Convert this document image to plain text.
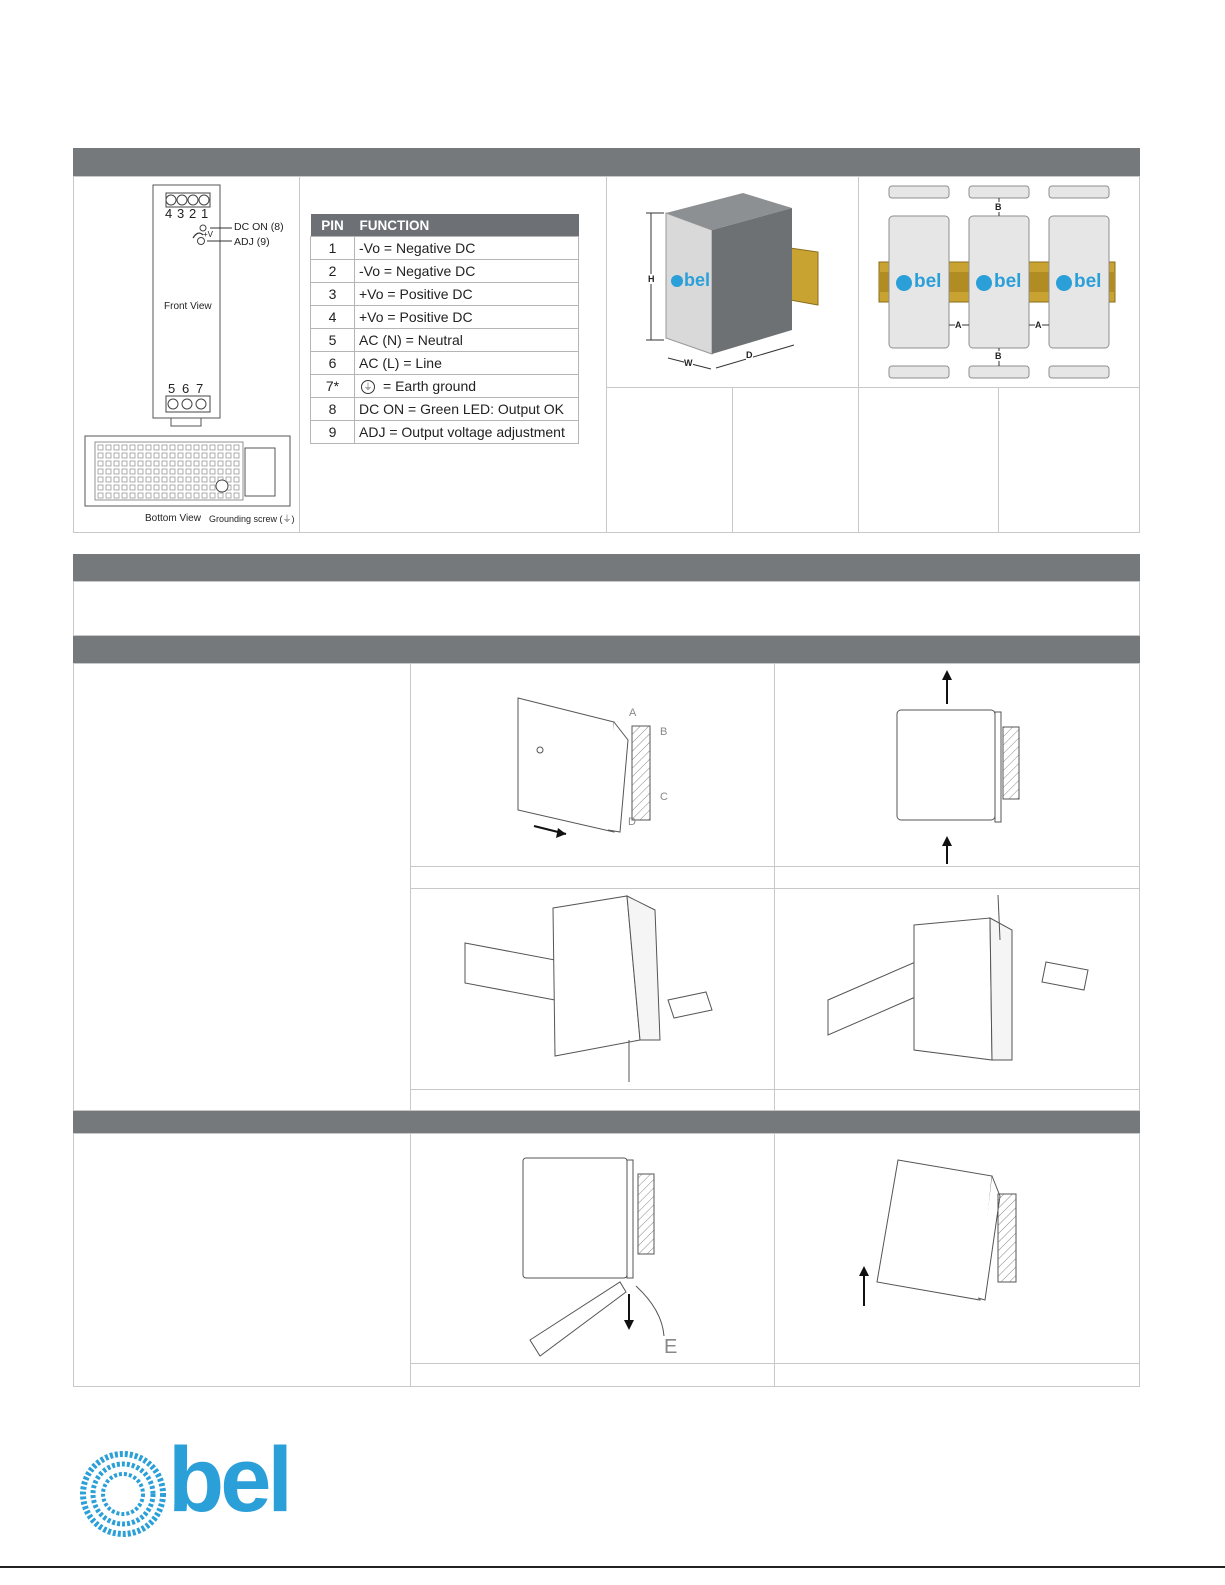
4 3 2 1
DC ON (8)
+V
ADJ (9)
Front View
5 6 7
Bottom View Grounding screw (⏚)
PIN	FUNCTION
1	-Vo = Negative DC
2	-Vo = Negative DC
3	+Vo = Positive DC
4	+Vo = Positive DC
5	AC (N) = Neutral
6	AC (L) = Line
7*	⏚ = Earth ground
8	DC ON = Green LED: Output OK
9	ADJ = Output voltage adjustment
H
W
D
bel
B
B
A	A
bel	bel	bel
A
B
C
D
E
bel
